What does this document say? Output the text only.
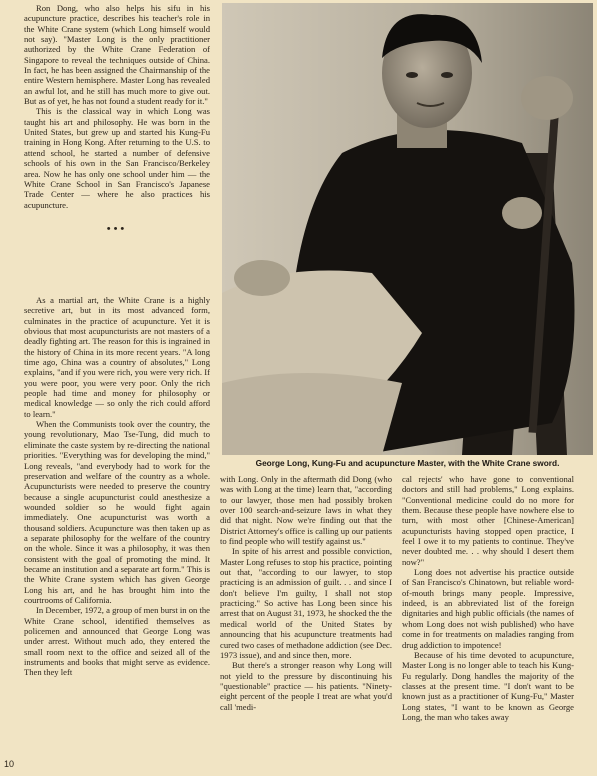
Ron Dong, who also helps his sifu in his acupuncture practice, describes his teacher's role in the White Crane system (which Long himself would not say). "Master Long is the only practitioner authorized by the White Crane Federation of Singapore to reveal the techniques outside of China. In fact, he has been assigned the Chairmanship of the entire Western hemisphere. Master Long has revealed an awful lot, and he still has much more to give out. But as of yet, he has not found a student ready for it."

This is the classical way in which Long was taught his art and philosophy. He was born in the United States, but grew up and started his Kung-Fu training in Hong Kong. After returning to the U.S. to attend school, he started a number of defensive schools of his own in the San Francisco/Berkeley area. Now he has only one school under him — the White Crane School in San Francisco's Japanese Trade Center — where he also practices his acupuncture.

•••

As a martial art, the White Crane is a highly secretive art, but in its most advanced form, culminates in the practice of acupuncture. Yet it is obvious that most acupuncturists are not masters of a deadly fighting art. The reason for this is ingrained in the history of China in its more recent years. "A long time ago, China was a country of absolutes," Long explains, "and if you were rich, you were very rich. If you were poor, you were very poor. Only the rich people had time and money for philosophy or medical knowledge — so only the rich could afford to learn."

When the Communists took over the country, the young revolutionary, Mao Tse-Tung, did much to eliminate the caste system by re-directing the national priorities. "Everything was for developing the mind," Long reveals, "and everybody had to work for the preservation and welfare of the country as a whole. Acupuncturists were needed to preserve the country because a single acupuncturist could anesthesize a wounded soldier so he would fight again immediately. One acupuncturist was worth a thousand soldiers. Acupuncture was then taken up as a separate philosophy for the welfare of the country on the whole. Since it was a philosophy, it was then consistent with the goal of promoting the mind. It became an institution and a separate art form." This is the White Crane system which has given George Long his art, and he has brought him into the courtrooms of California.

In December, 1972, a group of men burst in on the White Crane school, identified themselves as policemen and announced that George Long was under arrest. Without much ado, they entered the small room next to the office and seized all of the instruments and books that might serve as evidence. Then they left

George Long, Kung-Fu and acupuncture Master, with the White Crane sword.

with Long. Only in the aftermath did Dong (who was with Long at the time) learn that, "according to our lawyer, those men had possibly broken over 100 search-and-seizure laws in what they did that night. Now we're finding out that the District Attorney's office is calling up our patients to find people who will testify against us."

In spite of his arrest and possible conviction, Master Long refuses to stop his practice, pointing out that, "according to our lawyer, to stop practicing is an admission of guilt. . . and since I don't believe I'm guilty, I shall not stop practicing." So active has Long been since his arrest that on August 31, 1973, he shocked the the medical world of the United States by announcing that his acupuncture treatments had cured two cases of methadone addiction (see Dec. 1973 issue), and and since then, more.

But there's a stronger reason why Long will not yield to the pressure by discontinuing his "questionable" practice — his patients. "Ninety-eight percent of the people I treat are what you'd call 'medi-

cal rejects' who have gone to conventional doctors and still had problems," Long explains. "Conventional medicine could do no more for them. Because these people have nowhere else to turn, with most other [Chinese-American] acupuncturists having stopped open practice, I feel I owe it to my patients to continue. They've never doubted me. . . why should I desert them now?"

Long does not advertise his practice outside of San Francisco's Chinatown, but reliable word-of-mouth brings many people. Impressive, indeed, is an abbreviated list of the foreign dignitaries and high public officials (the names of whom Long does not wish published) who have come in for treatments on maladies ranging from drug addiction to impotence!

Because of his time devoted to acupuncture, Master Long is no longer able to teach his Kung-Fu regularly. Dong handles the majority of the classes at the present time. "I don't want to be known just as a practitioner of Kung-Fu," Master Long states, "I want to be known as George Long, the man who takes away

10
